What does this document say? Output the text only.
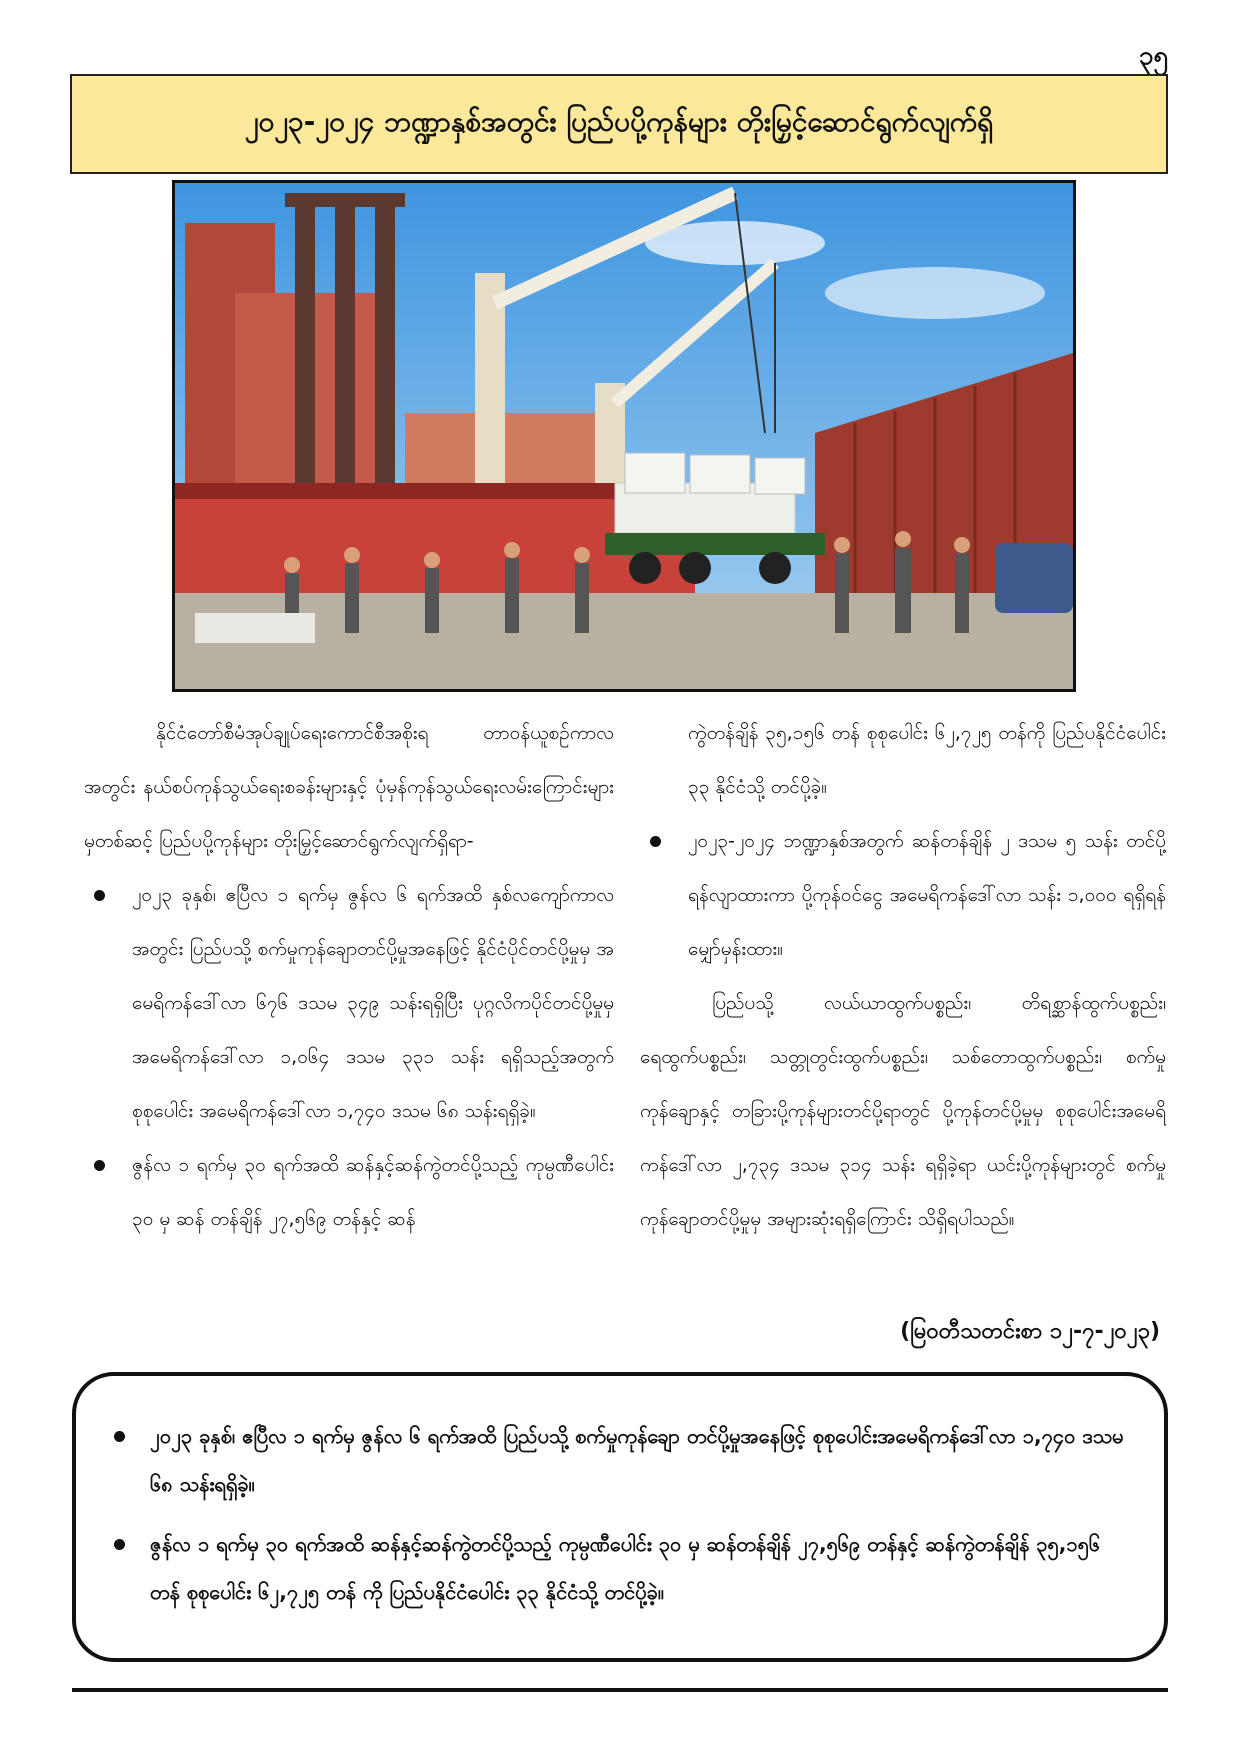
၃၅
၂၀၂၃-၂၀၂၄ ဘဏ္ဍာနှစ်အတွင်း ပြည်ပပို့ကုန်များ တိုးမြှင့်ဆောင်ရွက်လျက်ရှိ

နိုင်ငံတော်စီမံအုပ်ချုပ်ရေးကောင်စီအစိုးရ တာဝန်ယူစဉ်ကာလအတွင်း နယ်စပ်ကုန်သွယ်ရေးစခန်းများနှင့် ပုံမှန်ကုန်သွယ်ရေးလမ်းကြောင်းများမှတစ်ဆင့် ပြည်ပပို့ကုန်များ တိုးမြှင့်ဆောင်ရွက်လျက်ရှိရာ-

၂၀၂၃ ခုနှစ်၊ ဧပြီလ ၁ ရက်မှ ဇွန်လ ၆ ရက်အထိ နှစ်လကျော်ကာလအတွင်း ပြည်ပသို့ စက်မှုကုန်ချောတင်ပို့မှုအနေဖြင့် နိုင်ငံပိုင်တင်ပို့မှုမှ အမေရိကန်ဒေါ်လာ ၆၇၆ ဒသမ ၃၄၉ သန်းရရှိပြီး ပုဂ္ဂလိကပိုင်တင်ပို့မှုမှ အမေရိကန်ဒေါ်လာ ၁,၀၆၄ ဒသမ ၃၃၁ သန်း ရရှိသည့်အတွက် စုစုပေါင်း အမေရိကန်ဒေါ်လာ ၁,၇၄၀ ဒသမ ၆၈ သန်းရရှိခဲ့။
ဇွန်လ ၁ ရက်မှ ၃၀ ရက်အထိ ဆန်နှင့်ဆန်ကွဲတင်ပို့သည့် ကုမ္ပဏီပေါင်း ၃၀ မှ ဆန် တန်ချိန် ၂၇,၅၆၉ တန်နှင့် ဆန်

ကွဲတန်ချိန် ၃၅,၁၅၆ တန် စုစုပေါင်း ၆၂,၇၂၅ တန်ကို ပြည်ပနိုင်ငံပေါင်း ၃၃ နိုင်ငံသို့ တင်ပို့ခဲ့။

၂၀၂၃-၂၀၂၄ ဘဏ္ဍာနှစ်အတွက် ဆန်တန်ချိန် ၂ ဒသမ ၅ သန်း တင်ပို့ရန်လျာထားကာ ပို့ကုန်ဝင်ငွေ အမေရိကန်ဒေါ်လာ သန်း ၁,၀၀၀ ရရှိရန် မျှော်မှန်းထား။

ပြည်ပသို့ လယ်ယာထွက်ပစ္စည်း၊ တိရစ္ဆာန်ထွက်ပစ္စည်း၊ ရေထွက်ပစ္စည်း၊ သတ္တုတွင်းထွက်ပစ္စည်း၊ သစ်တောထွက်ပစ္စည်း၊ စက်မှုကုန်ချောနှင့် တခြားပို့ကုန်များတင်ပို့ရာတွင် ပို့ကုန်တင်ပို့မှုမှ စုစုပေါင်းအမေရိကန်ဒေါ်လာ ၂,၇၃၄ ဒသမ ၃၁၄ သန်း ရရှိခဲ့ရာ ယင်းပို့ကုန်များတွင် စက်မှုကုန်ချောတင်ပို့မှုမှ အများဆုံးရရှိကြောင်း သိရှိရပါသည်။

(မြဝတီသတင်းစာ ၁၂-၇-၂၀၂၃)
၂၀၂၃ ခုနှစ်၊ ဧပြီလ ၁ ရက်မှ ဇွန်လ ၆ ရက်အထိ ပြည်ပသို့ စက်မှုကုန်ချော တင်ပို့မှုအနေဖြင့် စုစုပေါင်းအမေရိကန်ဒေါ်လာ ၁,၇၄၀ ဒသမ ၆၈ သန်းရရှိခဲ့။
ဇွန်လ ၁ ရက်မှ ၃၀ ရက်အထိ ဆန်နှင့်ဆန်ကွဲတင်ပို့သည့် ကုမ္ပဏီပေါင်း ၃၀ မှ ဆန်တန်ချိန် ၂၇,၅၆၉ တန်နှင့် ဆန်ကွဲတန်ချိန် ၃၅,၁၅၆ တန် စုစုပေါင်း ၆၂,၇၂၅ တန် ကို ပြည်ပနိုင်ငံပေါင်း ၃၃ နိုင်ငံသို့ တင်ပို့ခဲ့။
